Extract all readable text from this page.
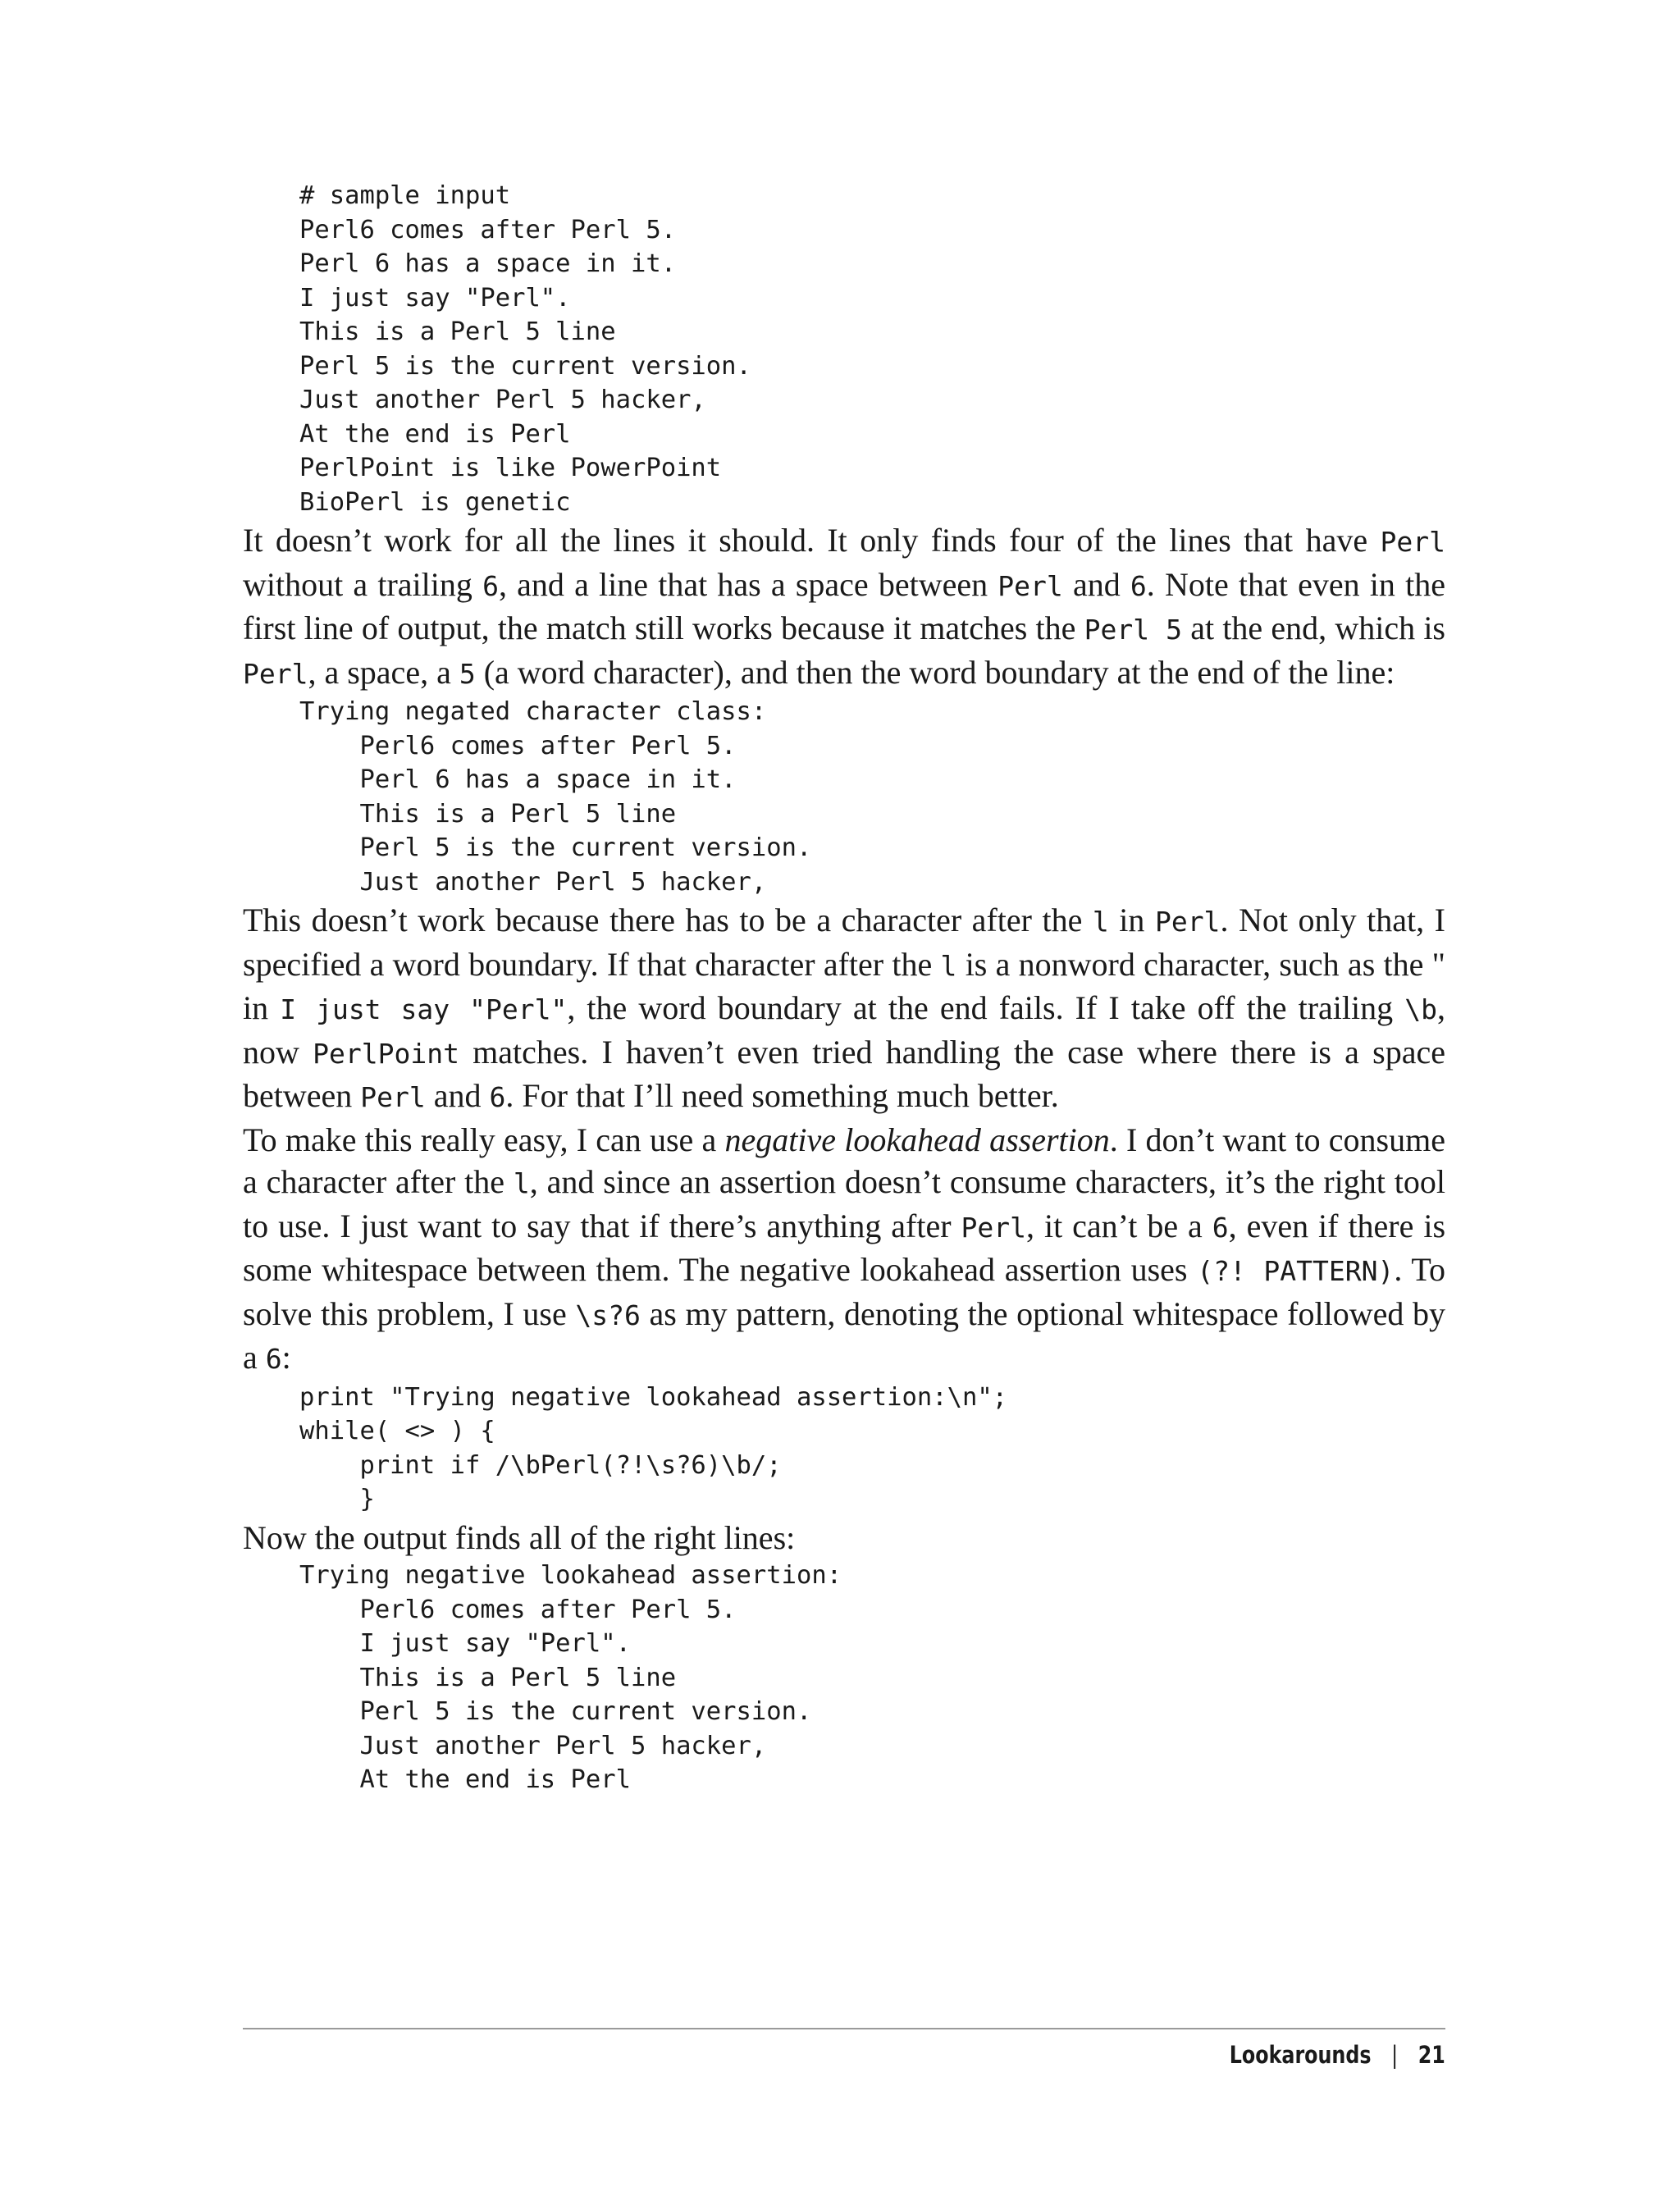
# sample input
Perl6 comes after Perl 5.
Perl 6 has a space in it.
I just say "Perl".
This is a Perl 5 line
Perl 5 is the current version.
Just another Perl 5 hacker,
At the end is Perl
PerlPoint is like PowerPoint
BioPerl is genetic

It doesn’t work for all the lines it should. It only finds four of the lines that have Perl without a trailing 6, and a line that has a space between Perl and 6. Note that even in the first line of output, the match still works because it matches the Perl 5 at the end, which is Perl, a space, a 5 (a word character), and then the word boundary at the end of the line:

Trying negated character class:
Perl6 comes after Perl 5.
Perl 6 has a space in it.
This is a Perl 5 line
Perl 5 is the current version.
Just another Perl 5 hacker,

This doesn’t work because there has to be a character after the l in Perl. Not only that, I specified a word boundary. If that character after the l is a nonword character, such as the " in I just say "Perl", the word boundary at the end fails. If I take off the trailing \b, now PerlPoint matches. I haven’t even tried handling the case where there is a space between Perl and 6. For that I’ll need something much better.

To make this really easy, I can use a negative lookahead assertion. I don’t want to consume a character after the l, and since an assertion doesn’t consume characters, it’s the right tool to use. I just want to say that if there’s anything after Perl, it can’t be a 6, even if there is some whitespace between them. The negative lookahead assertion uses (?! PATTERN). To solve this problem, I use \s?6 as my pattern, denoting the optional whitespace followed by a 6:

print "Trying negative lookahead assertion:\n";
while( <> ) {
print if /\bPerl(?!\s?6)\b/;
}

Now the output finds all of the right lines:

Trying negative lookahead assertion:
Perl6 comes after Perl 5.
I just say "Perl".
This is a Perl 5 line
Perl 5 is the current version.
Just another Perl 5 hacker,
At the end is Perl
Lookarounds | 21
